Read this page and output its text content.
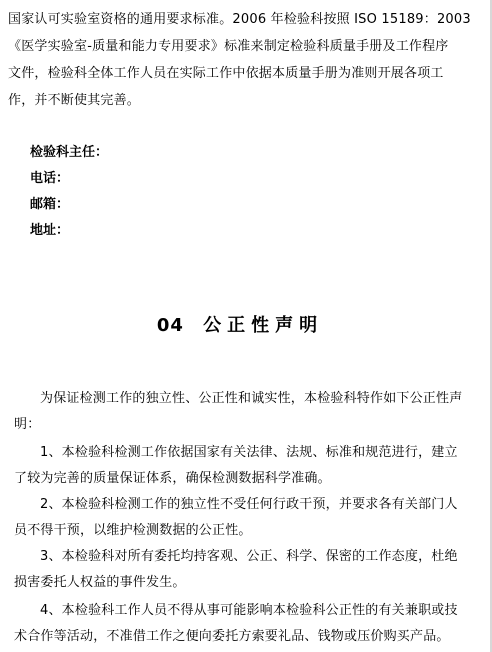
国家认可实验室资格的通用要求标准。2006 年检验科按照 ISO 15189：2003
《医学实验室-质量和能力专用要求》标准来制定检验科质量手册及工作程序
文件，检验科全体工作人员在实际工作中依据本质量手册为准则开展各项工
作，并不断使其完善。
检验科主任：
电话：
邮箱：
地址：
04 公正性声明
为保证检测工作的独立性、公正性和诚实性，本检验科特作如下公正性声
明：
1、本检验科检测工作依据国家有关法律、法规、标准和规范进行，建立
了较为完善的质量保证体系，确保检测数据科学准确。
2、本检验科检测工作的独立性不受任何行政干预，并要求各有关部门人
员不得干预，以维护检测数据的公正性。
3、本检验科对所有委托均持客观、公正、科学、保密的工作态度，杜绝
损害委托人权益的事件发生。
4、本检验科工作人员不得从事可能影响本检验科公正性的有关兼职或技
术合作等活动，不准借工作之便向委托方索要礼品、钱物或压价购买产品。
